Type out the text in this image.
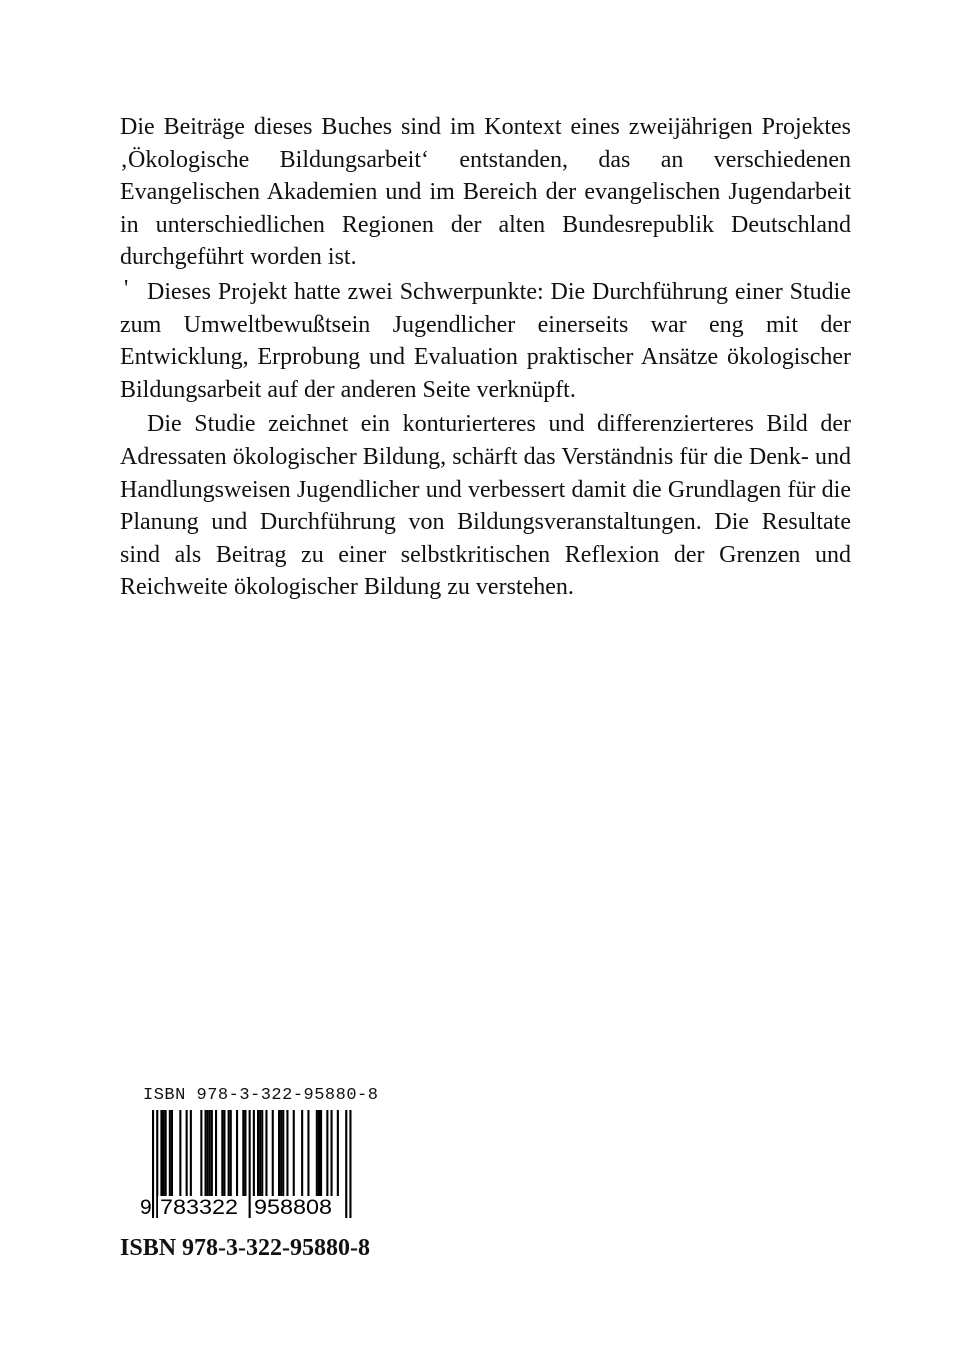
Die Beiträge dieses Buches sind im Kontext eines zweijährigen Projektes ‚Ökologische Bildungsarbeit‘ entstanden, das an verschiedenen Evangelischen Akademien und im Bereich der evangelischen Jugendarbeit in unterschiedlichen Regionen der alten Bundesrepublik Deutschland durchgeführt worden ist.

Dieses Projekt hatte zwei Schwerpunkte: Die Durchführung einer Studie zum Umweltbewußtsein Jugendlicher einerseits war eng mit der Entwicklung, Erprobung und Evaluation praktischer Ansätze ökologischer Bildungsarbeit auf der anderen Seite verknüpft.

Die Studie zeichnet ein konturierteres und differenzierteres Bild der Adressaten ökologischer Bildung, schärft das Verständnis für die Denk- und Handlungsweisen Jugendlicher und verbessert damit die Grundlagen für die Planung und Durchführung von Bildungsveranstaltungen. Die Resultate sind als Beitrag zu einer selbstkritischen Reflexion der Grenzen und Reichweite ökologischer Bildung zu verstehen.

'
ISBN 978-3-322-95880-8
9 783322 958808
ISBN 978-3-322-95880-8
